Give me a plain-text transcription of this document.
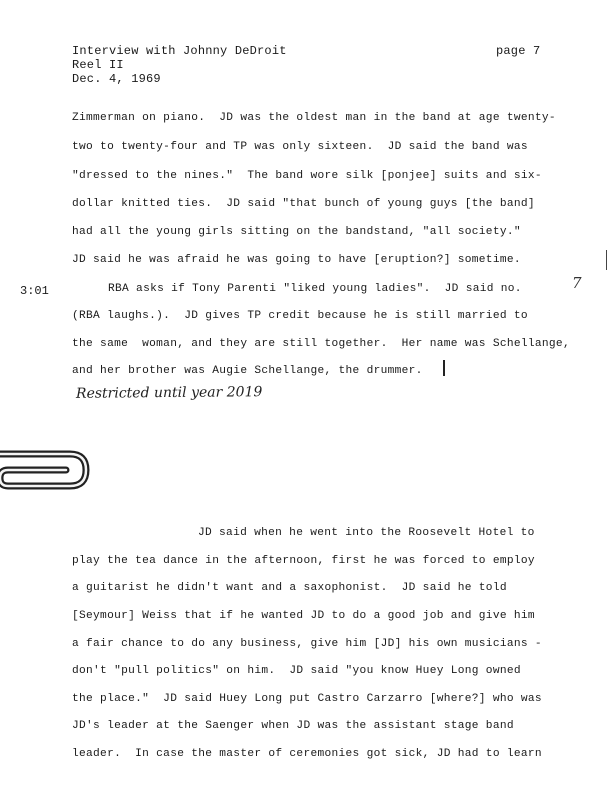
Interview with Johnny DeDroit	page 7
Reel II
Dec. 4, 1969
Zimmerman on piano.  JD was the oldest man in the band at age twenty-
two to twenty-four and TP was only sixteen.  JD said the band was
"dressed to the nines."  The band wore silk [ponjee] suits and six-
dollar knitted ties.  JD said "that bunch of young guys [the band]
had all the young girls sitting on the bandstand, "all society."
JD said he was afraid he was going to have [eruption?] sometime.
3:01	RBA asks if Tony Parenti "liked young ladies".  JD said no.	7
(RBA laughs.).  JD gives TP credit because he is still married to
the same  woman, and they are still together.  Her name was Schellange,
and her brother was Augie Schellange, the drummer.
Restricted until year 2019
JD said when he went into the Roosevelt Hotel to
play the tea dance in the afternoon, first he was forced to employ
a guitarist he didn't want and a saxophonist.  JD said he told
[Seymour] Weiss that if he wanted JD to do a good job and give him
a fair chance to do any business, give him [JD] his own musicians -
don't "pull politics" on him.  JD said "you know Huey Long owned
the place."  JD said Huey Long put Castro Carzarro [where?] who was
JD's leader at the Saenger when JD was the assistant stage band
leader.  In case the master of ceremonies got sick, JD had to learn
